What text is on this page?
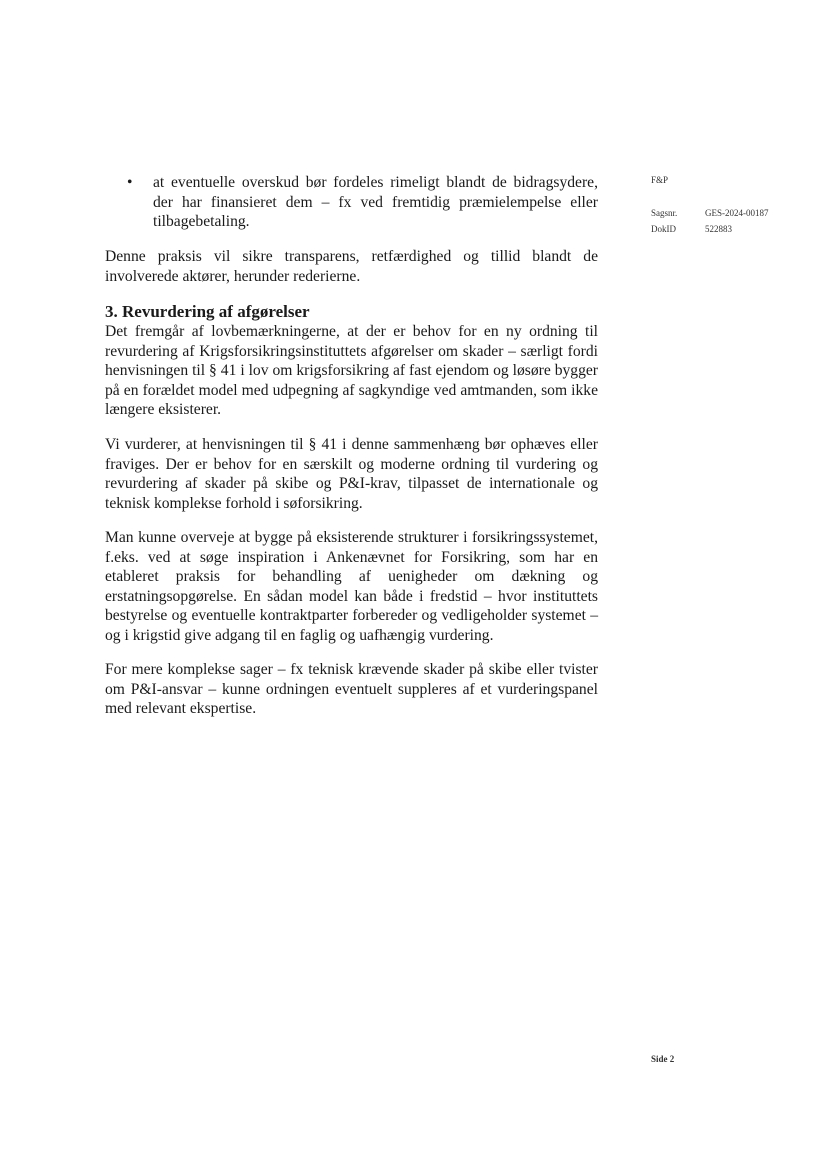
F&P
Sagsnr.	GES-2024-00187
DokID	522883
• at eventuelle overskud bør fordeles rimeligt blandt de bidragsydere, der har finansieret dem – fx ved fremtidig præmielempelse eller tilbagebetaling.

Denne praksis vil sikre transparens, retfærdighed og tillid blandt de involverede aktører, herunder rederierne.

3. Revurdering af afgørelser

Det fremgår af lovbemærkningerne, at der er behov for en ny ordning til revurdering af Krigsforsikringsinstituttets afgørelser om skader – særligt fordi henvisningen til § 41 i lov om krigsforsikring af fast ejendom og løsøre bygger på en forældet model med udpegning af sagkyndige ved amtmanden, som ikke længere eksisterer.

Vi vurderer, at henvisningen til § 41 i denne sammenhæng bør ophæves eller fraviges. Der er behov for en særskilt og moderne ordning til vurdering og revurdering af skader på skibe og P&I-krav, tilpasset de internationale og teknisk komplekse forhold i søforsikring.

Man kunne overveje at bygge på eksisterende strukturer i forsikringssystemet, f.eks. ved at søge inspiration i Ankenævnet for Forsikring, som har en etableret praksis for behandling af uenigheder om dækning og erstatningsopgørelse. En sådan model kan både i fredstid – hvor instituttets bestyrelse og eventuelle kontraktparter forbereder og vedligeholder systemet – og i krigstid give adgang til en faglig og uafhængig vurdering.

For mere komplekse sager – fx teknisk krævende skader på skibe eller tvister om P&I-ansvar – kunne ordningen eventuelt suppleres af et vurderingspanel med relevant ekspertise.

Side 2
